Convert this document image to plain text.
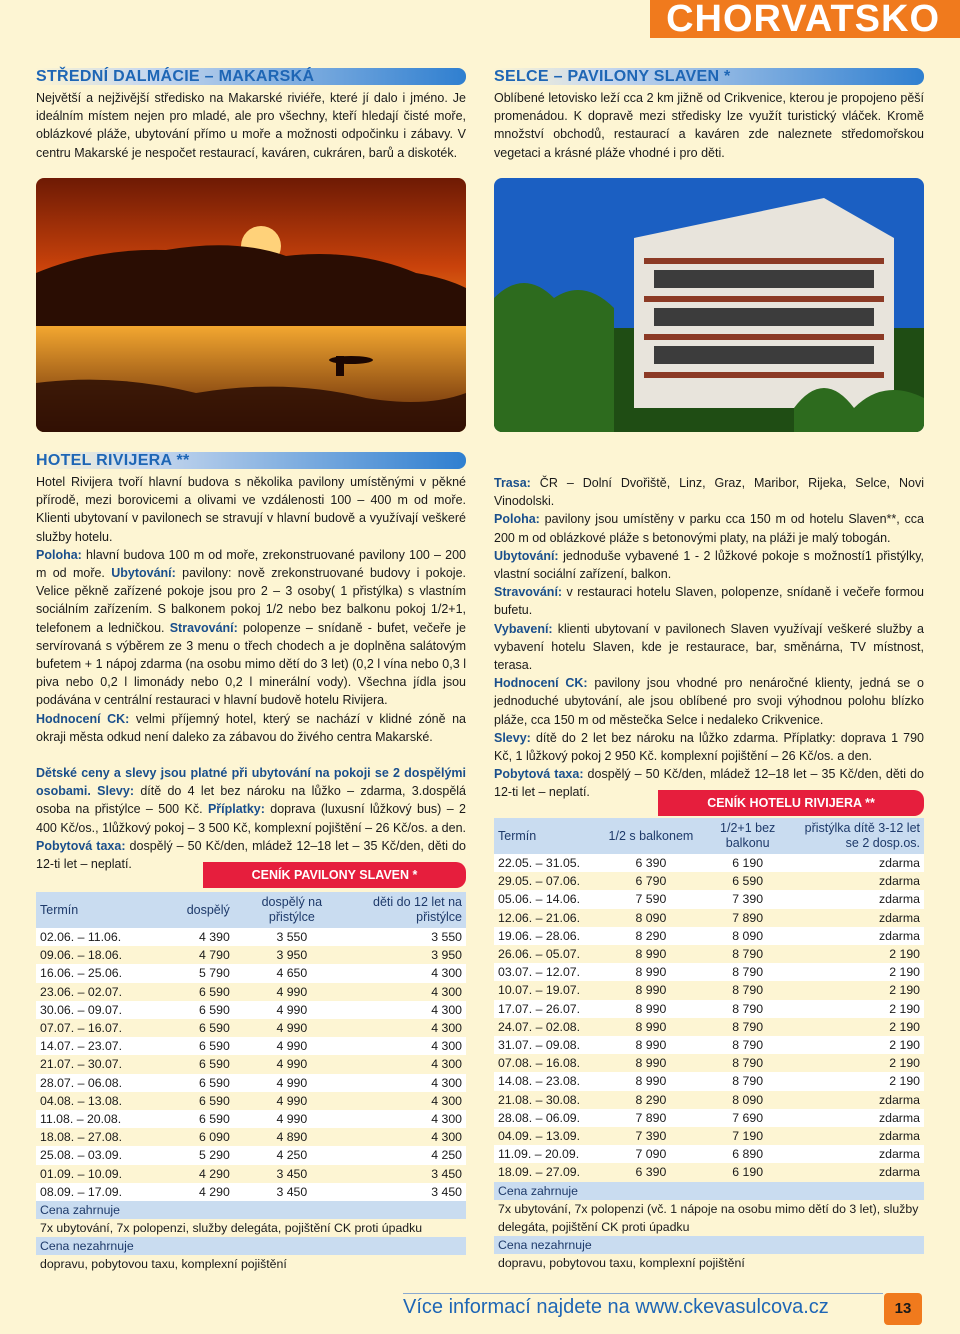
CHORVATSKO
STŘEDNÍ DALMÁCIE – MAKARSKÁ

Největší a nejživější středisko na Makarské riviéře, které jí dalo i jméno. Je ideálním místem nejen pro mladé, ale pro všechny, kteří hledají čisté moře, oblázkové pláže, ubytování přímo u moře a možnosti odpočinku i zábavy. V centru Makarské je nespočet restaurací, kaváren, cukráren, barů a diskoték.

SELCE – PAVILONY SLAVEN *

Oblíbené letovisko leží cca 2 km jižně od Crikvenice, kterou je propojeno pěší promenádou. K dopravě mezi středisky lze využít turistický vláček. Kromě množství obchodů, restaurací a kaváren zde naleznete středomořskou vegetaci a krásné pláže vhodné i pro děti.

HOTEL RIVIJERA **

Hotel Rivijera tvoří hlavní budova s několika pavilony umístěnými v pěkné přírodě, mezi borovicemi a olivami ve vzdálenosti 100 – 400 m od moře. Klienti ubytovaní v pavilonech se stravují v hlavní budově a využívají veškeré služby hotelu.
Poloha: hlavní budova 100 m od moře, zrekonstruované pavilony 100 – 200 m od moře. Ubytování: pavilony: nově zrekonstruované budovy i pokoje. Velice pěkně zařízené pokoje jsou pro 2 – 3 osoby( 1 přistýlka) s vlastním sociálním zařízením. S balkonem pokoj 1/2 nebo bez balkonu pokoj 1/2+1, telefonem a ledničkou. Stravování: polopenze – snídaně - bufet, večeře je servírovaná s výběrem ze 3 menu o třech chodech a je doplněna salátovým bufetem + 1 nápoj zdarma (na osobu mimo dětí do 3 let) (0,2 l vína nebo 0,3 l piva nebo 0,2 l limonády nebo 0,2 l minerální vody). Všechna jídla jsou podávána v centrální restauraci v hlavní budově hotelu Rivijera.
Hodnocení CK: velmi příjemný hotel, který se nachází v klidné zóně na okraji města odkud není daleko za zábavou do živého centra Makarské.

Dětské ceny a slevy jsou platné při ubytování na pokoji se 2 dospělými osobami. Slevy: dítě do 4 let bez nároku na lůžko – zdarma, 3.dospělá osoba na přistýlce – 500 Kč. Příplatky: doprava (luxusní lůžkový bus) – 2 400 Kč/os., 1lůžkový pokoj – 3 500 Kč, komplexní pojištění – 26 Kč/os. a den. Pobytová taxa: dospělý – 50 Kč/den, mládež 12–18 let – 35 Kč/den, děti do 12-ti let – neplatí.

CENÍK PAVILONY SLAVEN *
Termín	dospělý	dospělý na přistýlce	děti do 12 let na přistýlce
02.06. – 11.06.	4 390	3 550	3 550
09.06. – 18.06.	4 790	3 950	3 950
16.06. – 25.06.	5 790	4 650	4 300
23.06. – 02.07.	6 590	4 990	4 300
30.06. – 09.07.	6 590	4 990	4 300
07.07. – 16.07.	6 590	4 990	4 300
14.07. – 23.07.	6 590	4 990	4 300
21.07. – 30.07.	6 590	4 990	4 300
28.07. – 06.08.	6 590	4 990	4 300
04.08. – 13.08.	6 590	4 990	4 300
11.08. – 20.08.	6 590	4 990	4 300
18.08. – 27.08.	6 090	4 890	4 300
25.08. – 03.09.	5 290	4 250	4 250
01.09. – 10.09.	4 290	3 450	3 450
08.09. – 17.09.	4 290	3 450	3 450
Cena zahrnuje
7x ubytování, 7x polopenzi, služby delegáta, pojištění CK proti úpadku
Cena nezahrnuje
dopravu, pobytovou taxu, komplexní pojištění

Trasa: ČR – Dolní Dvořiště, Linz, Graz, Maribor, Rijeka, Selce, Novi Vinodolski.
Poloha: pavilony jsou umístěny v parku cca 150 m od hotelu Slaven**, cca 200 m od oblázkové pláže s betonovými platy, na pláži je malý tobogán.
Ubytování: jednoduše vybavené 1 - 2 lůžkové pokoje s možností1 přistýlky, vlastní sociální zařízení, balkon.
Stravování: v restauraci hotelu Slaven, polopenze, snídaně i večeře formou bufetu.
Vybavení: klienti ubytovaní v pavilonech Slaven využívají veškeré služby a vybavení hotelu Slaven, kde je restaurace, bar, směnárna, TV místnost, terasa.
Hodnocení CK: pavilony jsou vhodné pro nenáročné klienty, jedná se o jednoduché ubytování, ale jsou oblíbené pro svoji výhodnou polohu blízko pláže, cca 150 m od městečka Selce i nedaleko Crikvenice.
Slevy: dítě do 2 let bez nároku na lůžko zdarma. Příplatky: doprava 1 790 Kč, 1 lůžkový pokoj 2 950 Kč. komplexní pojištění – 26 Kč/os. a den.
Pobytová taxa: dospělý – 50 Kč/den, mládež 12–18 let – 35 Kč/den, děti do 12-ti let – neplatí.

CENÍK HOTELU RIVIJERA **
Termín	1/2 s balkonem	1/2+1 bez balkonu	přistýlka dítě 3-12 let se 2 dosp.os.
22.05. – 31.05.	6 390	6 190	zdarma
29.05. – 07.06.	6 790	6 590	zdarma
05.06. – 14.06.	7 590	7 390	zdarma
12.06. – 21.06.	8 090	7 890	zdarma
19.06. – 28.06.	8 290	8 090	zdarma
26.06. – 05.07.	8 990	8 790	2 190
03.07. – 12.07.	8 990	8 790	2 190
10.07. – 19.07.	8 990	8 790	2 190
17.07. – 26.07.	8 990	8 790	2 190
24.07. – 02.08.	8 990	8 790	2 190
31.07. – 09.08.	8 990	8 790	2 190
07.08. – 16.08.	8 990	8 790	2 190
14.08. – 23.08.	8 990	8 790	2 190
21.08. – 30.08.	8 290	8 090	zdarma
28.08. – 06.09.	7 890	7 690	zdarma
04.09. – 13.09.	7 390	7 190	zdarma
11.09. – 20.09.	7 090	6 890	zdarma
18.09. – 27.09.	6 390	6 190	zdarma
Cena zahrnuje
7x ubytování, 7x polopenzi (vč. 1 nápoje na osobu mimo dětí do 3 let), služby delegáta, pojištění CK proti úpadku
Cena nezahrnuje
dopravu, pobytovou taxu, komplexní pojištění
Více informací najdete na www.ckevasulcova.cz	13
